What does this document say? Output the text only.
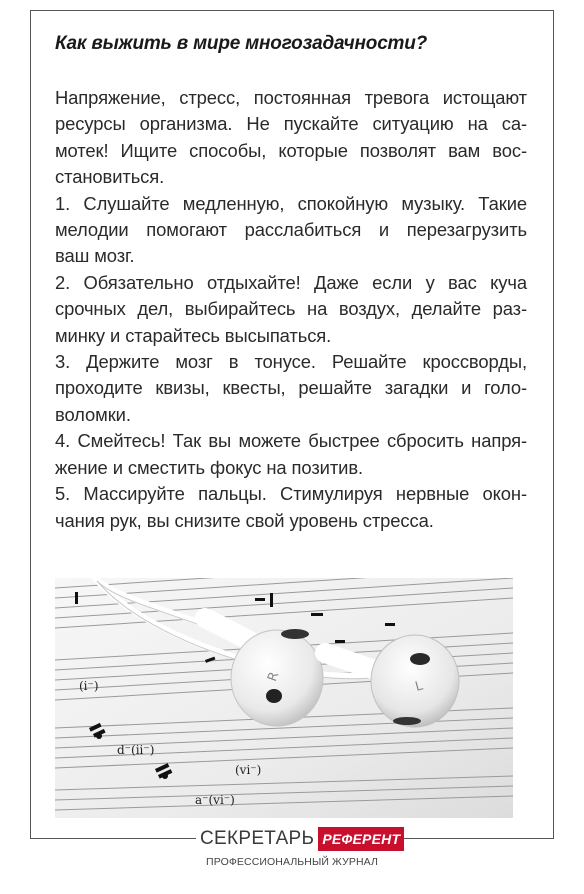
Как выжить в мире многозадачности?
Напряжение, стресс, постоянная тревога истощают
ресурсы организма. Не пускайте ситуацию на са-
мотек! Ищите способы, которые позволят вам вос-
становиться.
1. Слушайте медленную, спокойную музыку. Такие
мелодии помогают расслабиться и перезагрузить
ваш мозг.
2. Обязательно отдыхайте! Даже если у вас куча
срочных дел, выбирайтесь на воздух, делайте раз-
минку и старайтесь высыпаться.
3. Держите мозг в тонусе. Решайте кроссворды,
проходите квизы, квесты, решайте загадки и голо-
воломки.
4. Смейтесь! Так вы можете быстрее сбросить напря-
жение и сместить фокус на позитив.
5. Массируйте пальцы. Стимулируя нервные окон-
чания рук, вы снизите свой уровень стресса.
(i⁻)
d⁻(ii⁻)
(vi⁻)
a⁻(vi⁻)
R
L
СЕКРЕТАРЬ РЕФЕРЕНТ
ПРОФЕССИОНАЛЬНЫЙ ЖУРНАЛ
